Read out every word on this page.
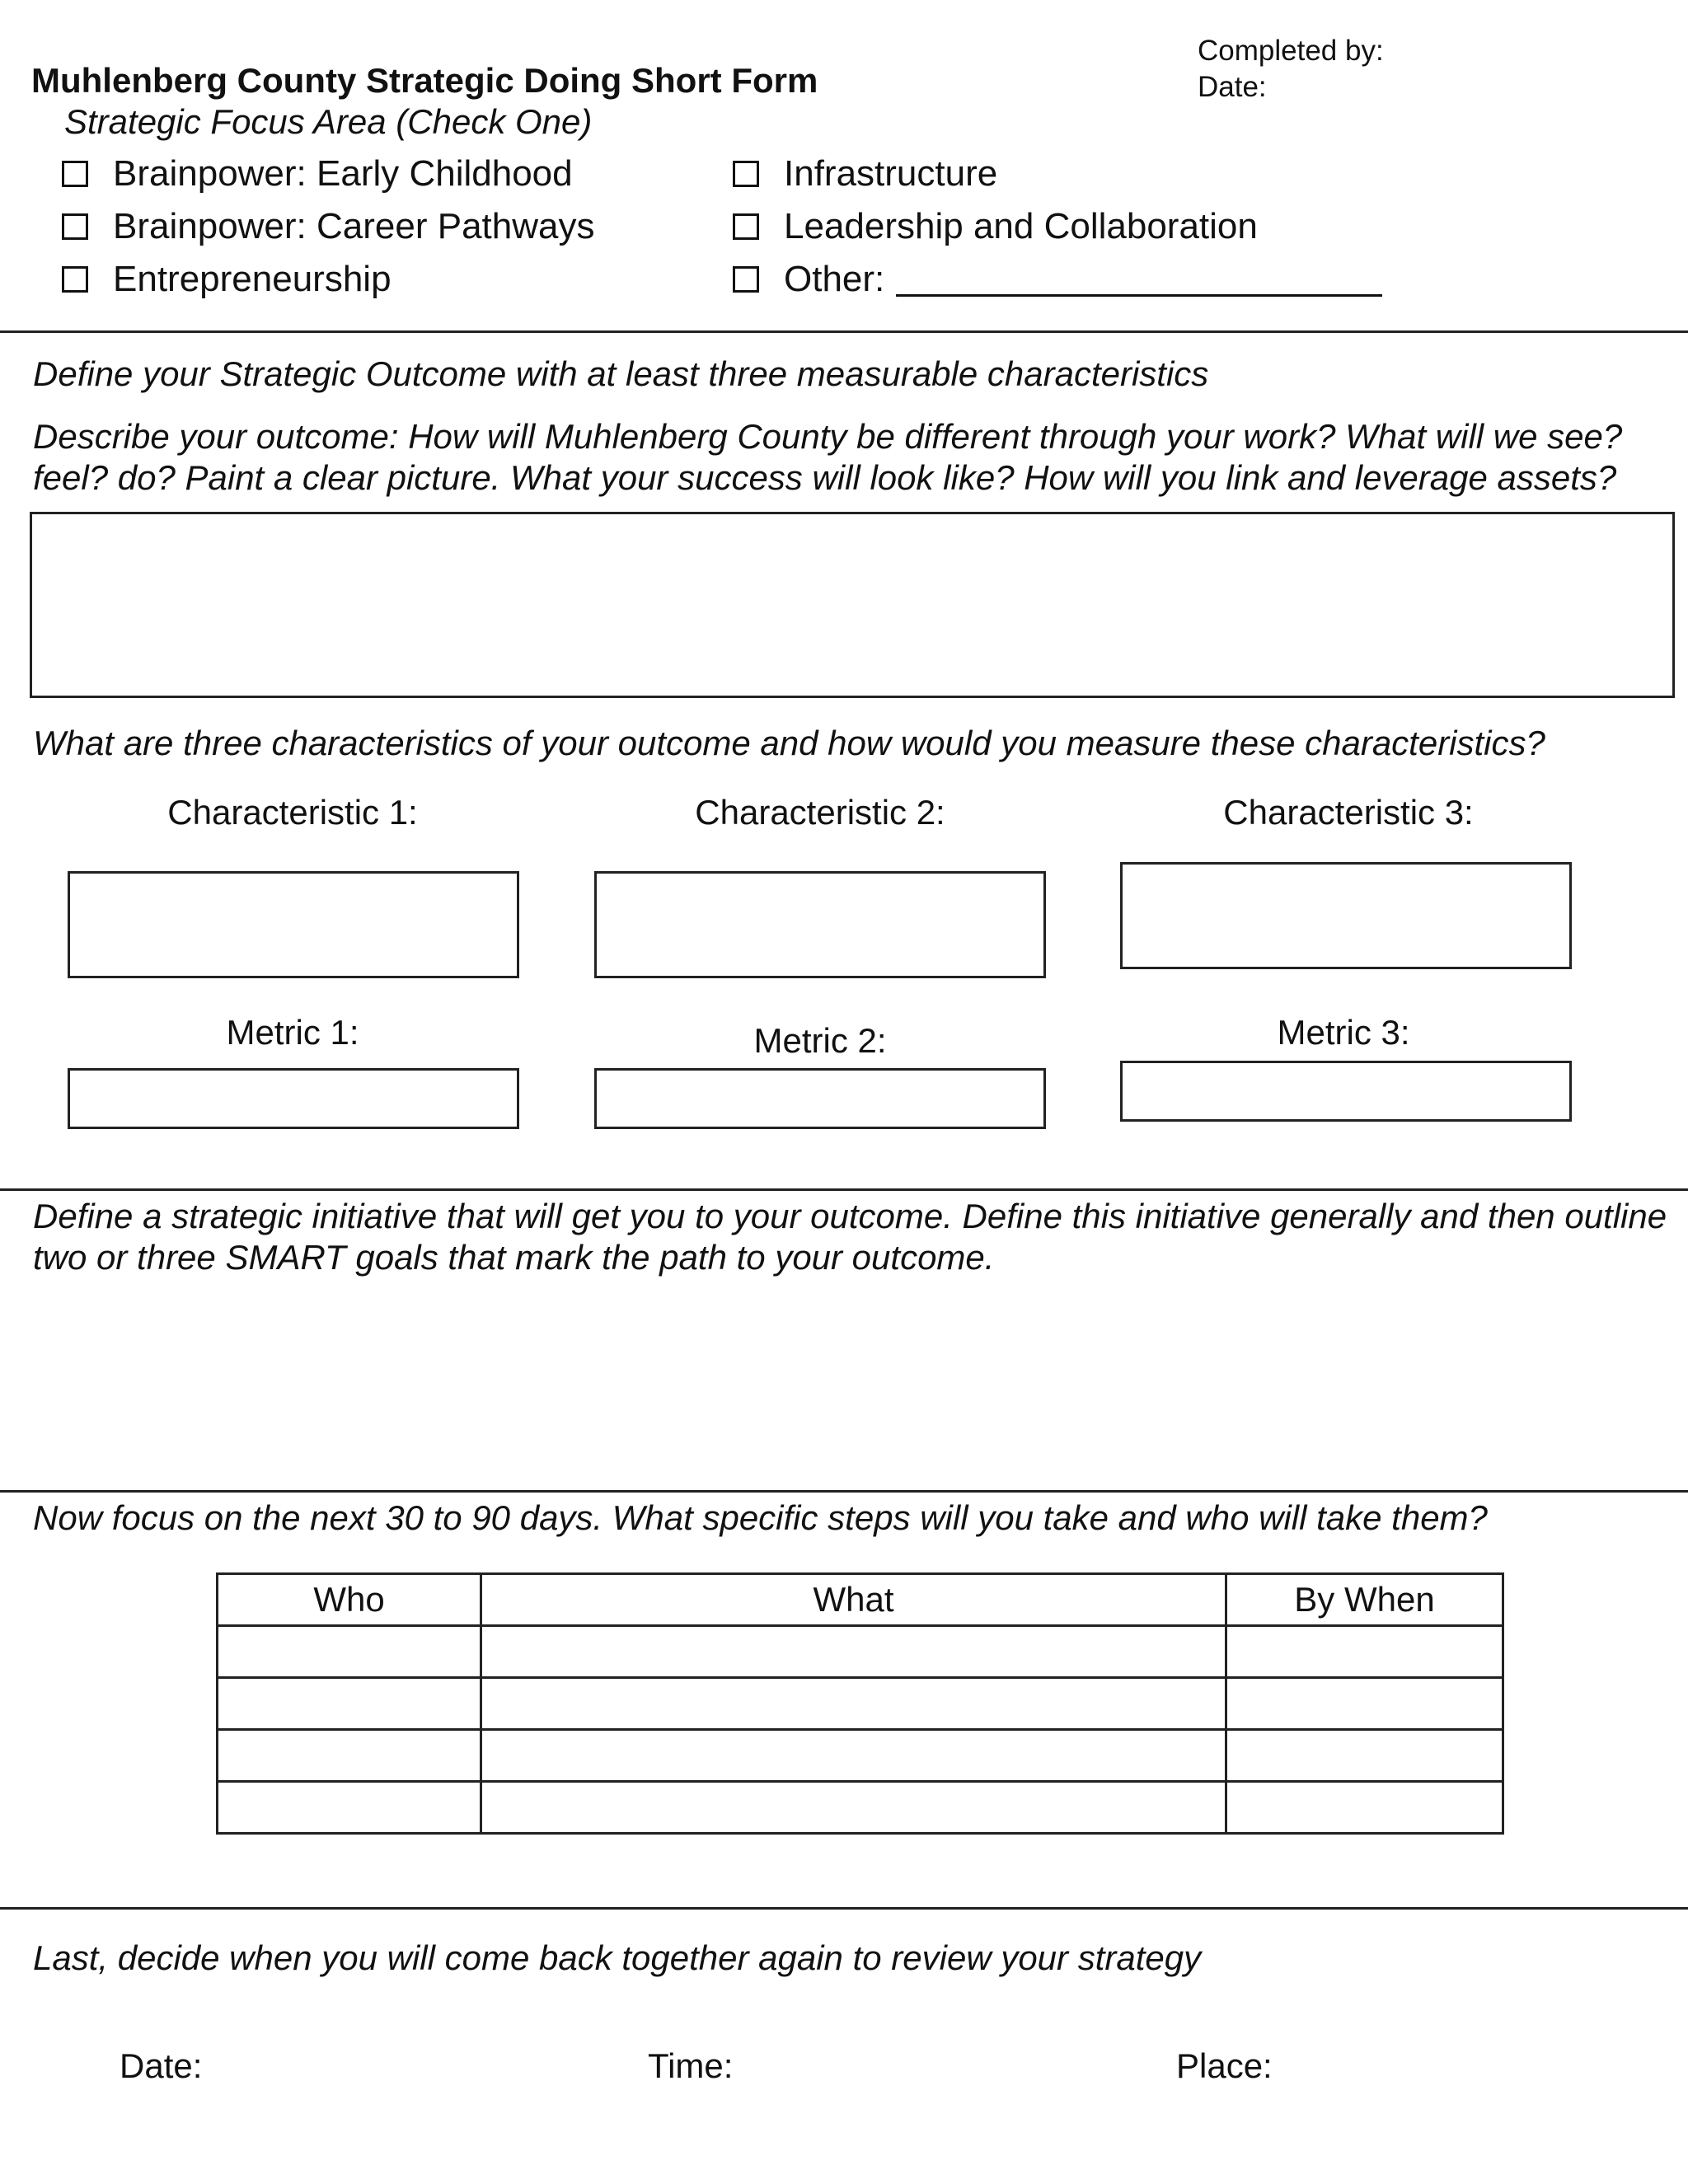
Muhlenberg County Strategic Doing Short Form
Completed by:
Date:
Strategic Focus Area (Check One)
Brainpower: Early Childhood
Brainpower: Career Pathways
Entrepreneurship
Infrastructure
Leadership and Collaboration
Other:
Define your Strategic Outcome with at least three measurable characteristics
Describe your outcome: How will Muhlenberg County be different through your work? What will we see? feel? do? Paint a clear picture. What your success will look like? How will you link and leverage assets?
What are three characteristics of your outcome and how would you measure these characteristics?
Characteristic 1:	Characteristic 2:	Characteristic 3:
Metric 1:	Metric 2:	Metric 3:
Define a strategic initiative that will get you to your outcome. Define this initiative generally and then outline two or three SMART goals that mark the path to your outcome.
Now focus on the next 30 to 90 days. What specific steps will you take and who will take them?
Who	What	By When

Last, decide when you will come back together again to review your strategy
Date:	Time:	Place:
